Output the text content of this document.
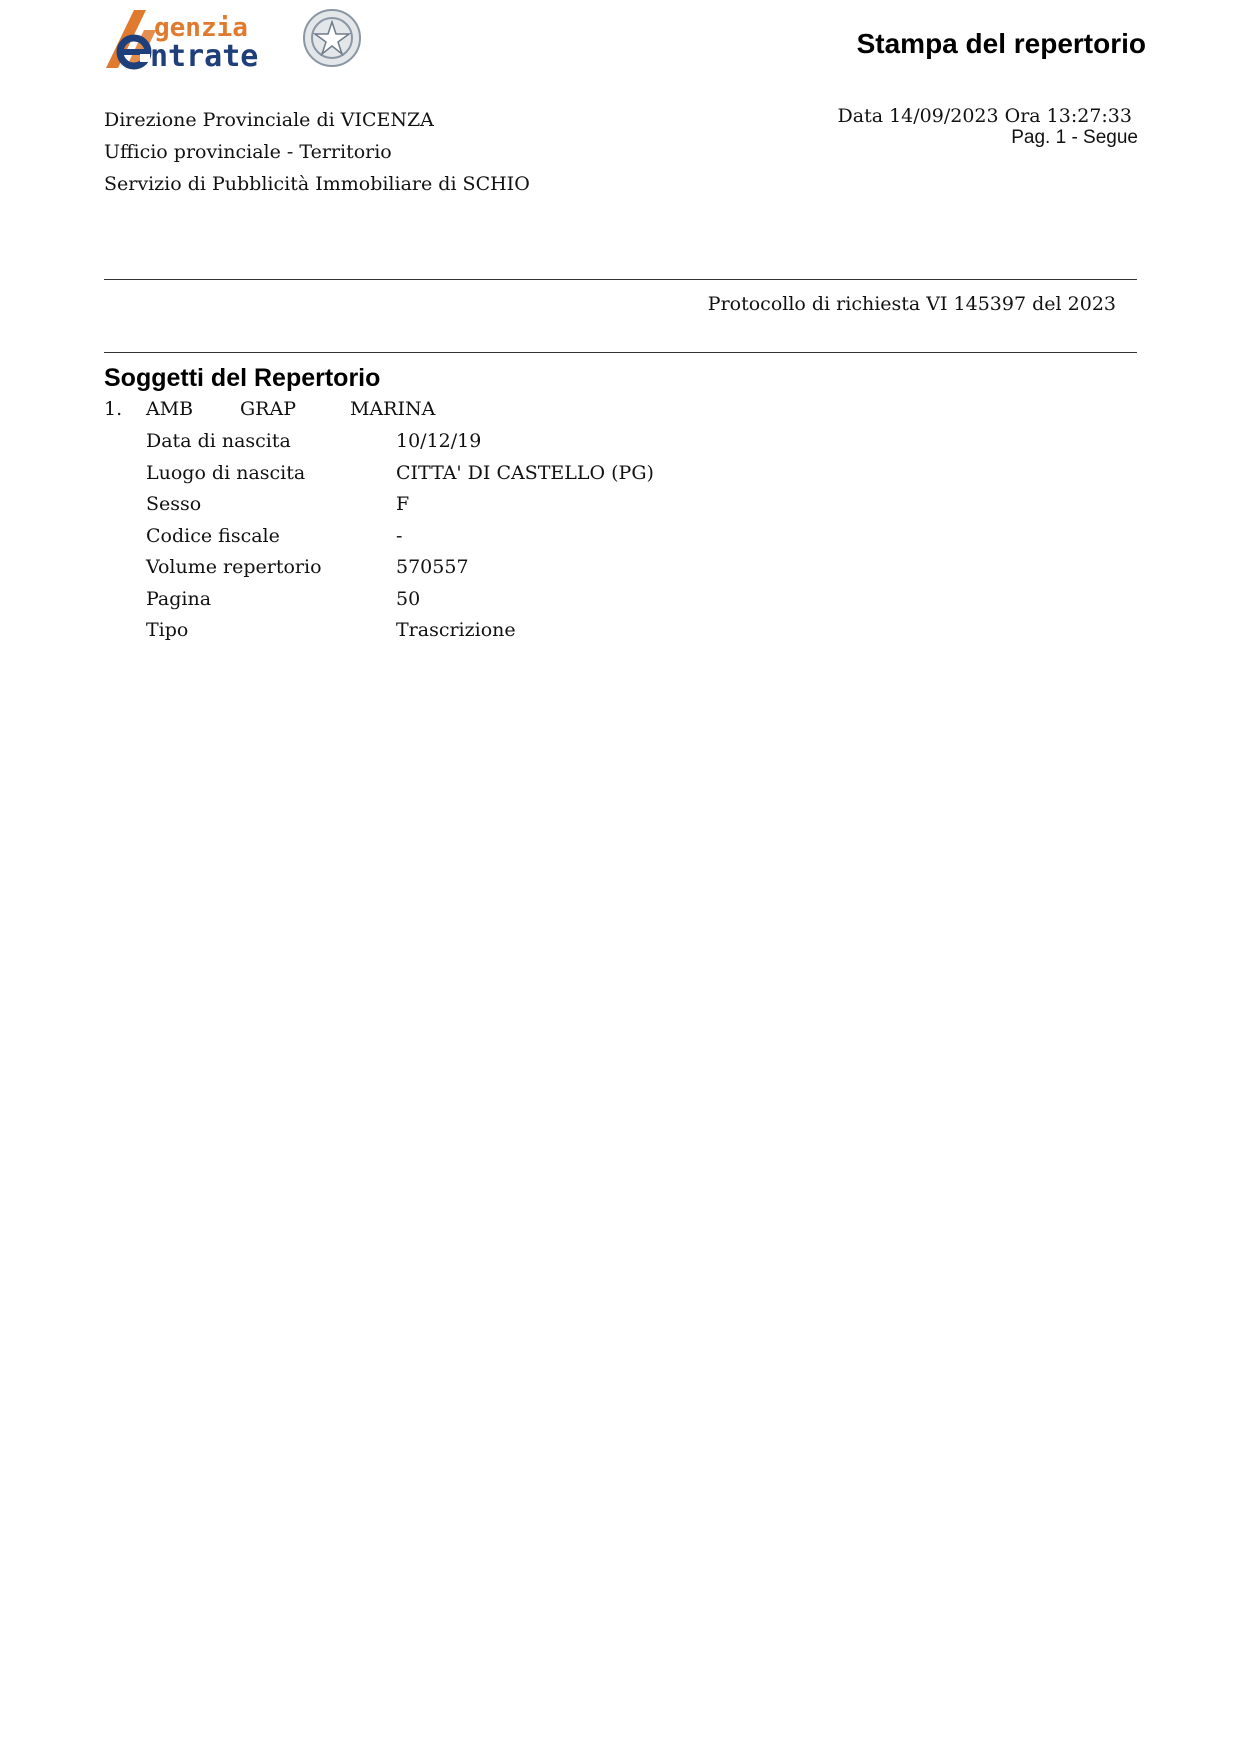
genzia
ntrate	Stampa del repertorio
Direzione Provinciale di VICENZA
Ufficio provinciale - Territorio
Servizio di Pubblicità Immobiliare di SCHIO
Data 14/09/2023 Ora 13:27:33
Pag. 1 - Segue
Protocollo di richiesta VI 145397 del 2023
Soggetti del Repertorio
1. AMB GRAP	MARINA
Data di nascita	10/12/19
Luogo di nascita	CITTA' DI CASTELLO (PG)
Sesso	F
Codice fiscale	-
Volume repertorio	570557
Pagina	50
Tipo	Trascrizione
